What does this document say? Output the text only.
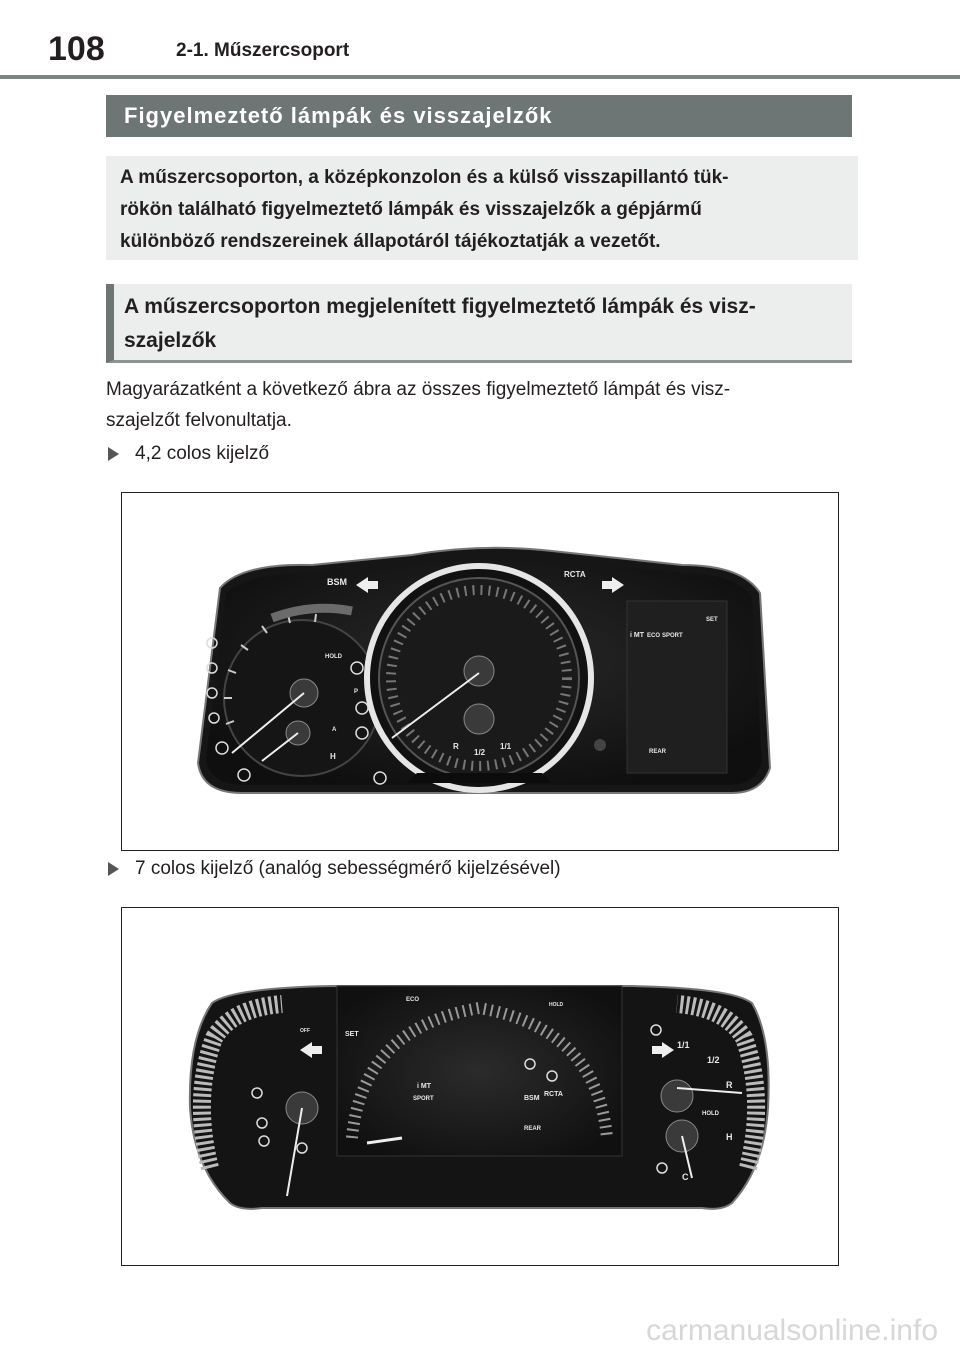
108	2-1. Műszercsoport
Figyelmeztető lámpák és visszajelzők
A műszercsoporton, a középkonzolon és a külső visszapillantó tük-
rökön található figyelmeztető lámpák és visszajelzők a gépjármű
különböző rendszereinek állapotáról tájékoztatják a vezetőt.
A műszercsoporton megjelenített figyelmeztető lámpák és visz-
szajelzők
Magyarázatként a következő ábra az összes figyelmeztető lámpát és visz-
szajelzőt felvonultatja.
4,2 colos kijelző
BSM
RCTA
HOLD
SET
i MT ECO SPORT
REAR
R
1/2
1/1
H
A
P
7 colos kijelző (analóg sebességmérő kijelzésével)
ECO
SET
i MT
SPORT	BSM
RCTA
REAR
HOLD
OFF
1/1
1/2
R
HOLD
H
C
carmanualsonline.info
